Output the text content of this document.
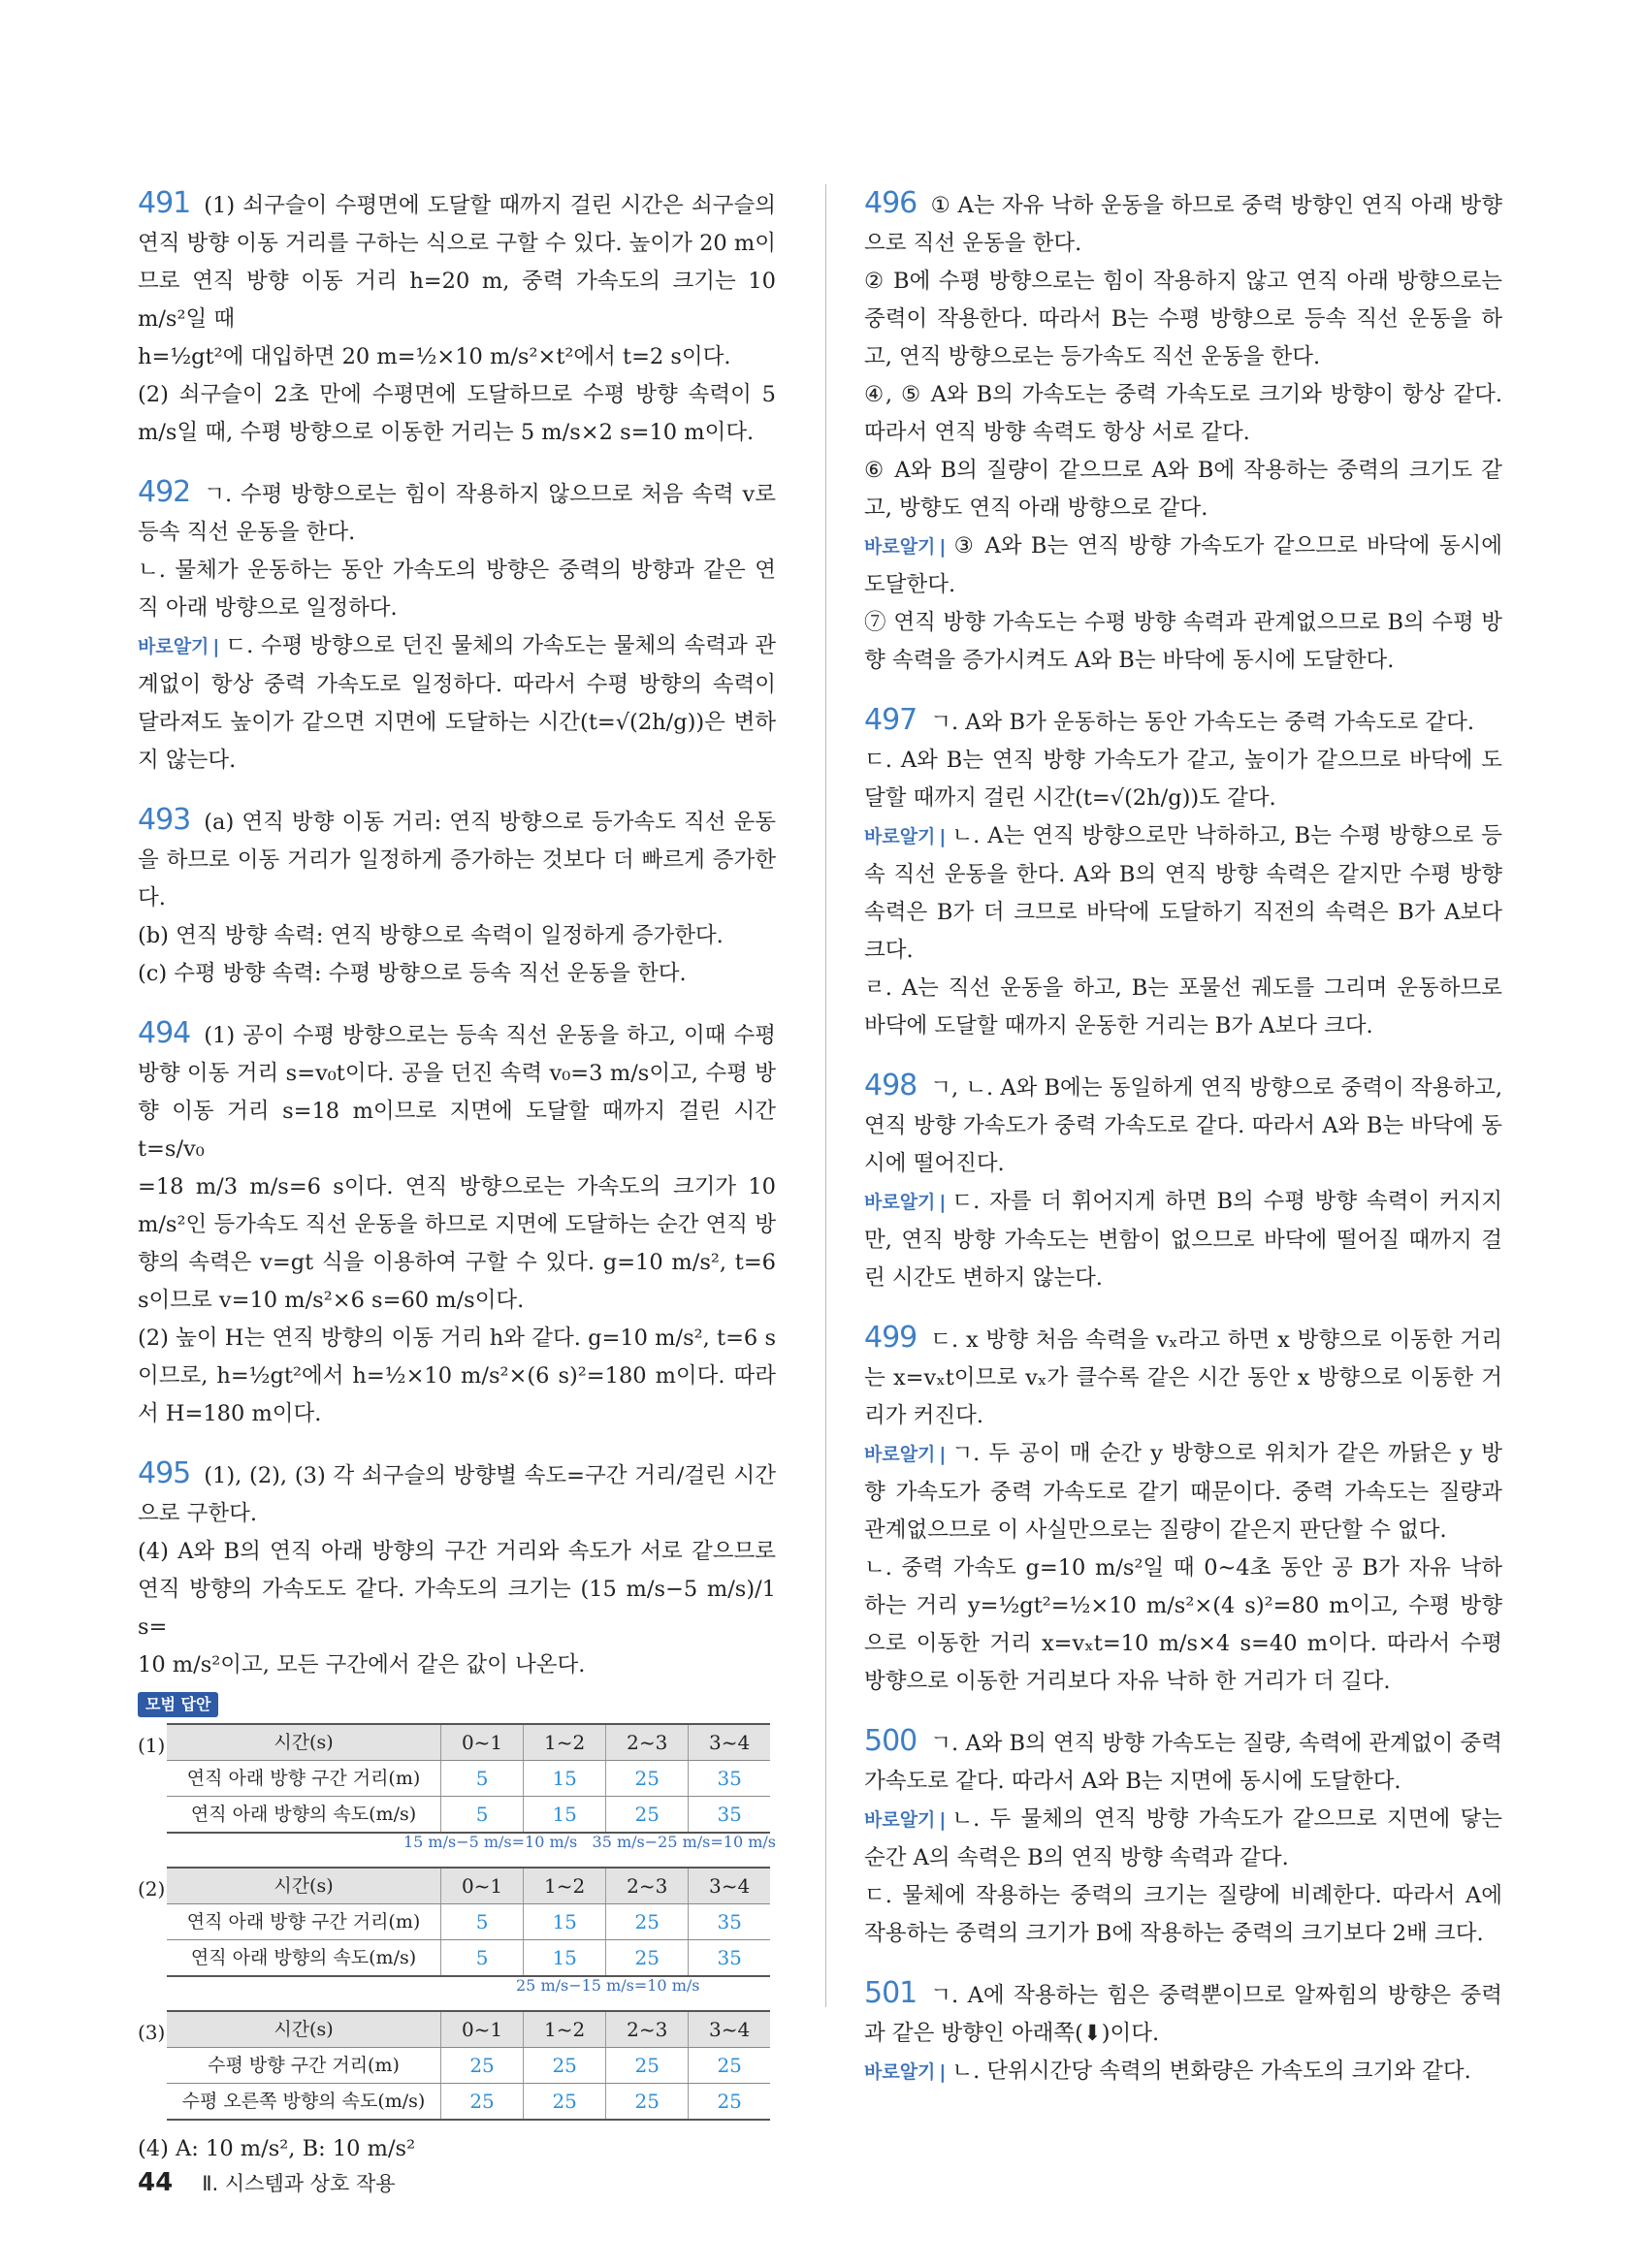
491 (1) 쇠구슬이 수평면에 도달할 때까지 걸린 시간은 쇠구슬의 연직 방향 이동 거리를 구하는 식으로 구할 수 있다. 높이가 20 m이므로 연직 방향 이동 거리 h=20 m, 중력 가속도의 크기는 10 m/s²일 때

h=½gt²에 대입하면 20 m=½×10 m/s²×t²에서 t=2 s이다.

(2) 쇠구슬이 2초 만에 수평면에 도달하므로 수평 방향 속력이 5 m/s일 때, 수평 방향으로 이동한 거리는 5 m/s×2 s=10 m이다.

492 ㄱ. 수평 방향으로는 힘이 작용하지 않으므로 처음 속력 v로 등속 직선 운동을 한다.

ㄴ. 물체가 운동하는 동안 가속도의 방향은 중력의 방향과 같은 연직 아래 방향으로 일정하다.

바로알기 | ㄷ. 수평 방향으로 던진 물체의 가속도는 물체의 속력과 관계없이 항상 중력 가속도로 일정하다. 따라서 수평 방향의 속력이 달라져도 높이가 같으면 지면에 도달하는 시간(t=√(2h/g))은 변하지 않는다.

493 (a) 연직 방향 이동 거리: 연직 방향으로 등가속도 직선 운동을 하므로 이동 거리가 일정하게 증가하는 것보다 더 빠르게 증가한다.

(b) 연직 방향 속력: 연직 방향으로 속력이 일정하게 증가한다.

(c) 수평 방향 속력: 수평 방향으로 등속 직선 운동을 한다.

494 (1) 공이 수평 방향으로는 등속 직선 운동을 하고, 이때 수평 방향 이동 거리 s=v₀t이다. 공을 던진 속력 v₀=3 m/s이고, 수평 방향 이동 거리 s=18 m이므로 지면에 도달할 때까지 걸린 시간 t=s/v₀

=18 m/3 m/s=6 s이다. 연직 방향으로는 가속도의 크기가 10 m/s²인 등가속도 직선 운동을 하므로 지면에 도달하는 순간 연직 방향의 속력은 v=gt 식을 이용하여 구할 수 있다. g=10 m/s², t=6 s이므로 v=10 m/s²×6 s=60 m/s이다.

(2) 높이 H는 연직 방향의 이동 거리 h와 같다. g=10 m/s², t=6 s이므로, h=½gt²에서 h=½×10 m/s²×(6 s)²=180 m이다. 따라서 H=180 m이다.

495 (1), (2), (3) 각 쇠구슬의 방향별 속도=구간 거리/걸린 시간으로 구한다.

(4) A와 B의 연직 아래 방향의 구간 거리와 속도가 서로 같으므로 연직 방향의 가속도도 같다. 가속도의 크기는 (15 m/s−5 m/s)/1 s=

10 m/s²이고, 모든 구간에서 같은 값이 나온다.

모범 답안
(1)	시간(s)	0~1	1~2	2~3	3~4
연직 아래 방향 구간 거리(m)	5	15	25	35
연직 아래 방향의 속도(m/s)	5	15	25	35
15 m/s−5 m/s=10 m/s 35 m/s−25 m/s=10 m/s
(2)	시간(s)	0~1	1~2	2~3	3~4
연직 아래 방향 구간 거리(m)	5	15	25	35
연직 아래 방향의 속도(m/s)	5	15	25	35
25 m/s−15 m/s=10 m/s
(3)	시간(s)	0~1	1~2	2~3	3~4
수평 방향 구간 거리(m)	25	25	25	25
수평 오른쪽 방향의 속도(m/s)	25	25	25	25

(4) A: 10 m/s², B: 10 m/s²

496 ① A는 자유 낙하 운동을 하므로 중력 방향인 연직 아래 방향으로 직선 운동을 한다.

② B에 수평 방향으로는 힘이 작용하지 않고 연직 아래 방향으로는 중력이 작용한다. 따라서 B는 수평 방향으로 등속 직선 운동을 하고, 연직 방향으로는 등가속도 직선 운동을 한다.

④, ⑤ A와 B의 가속도는 중력 가속도로 크기와 방향이 항상 같다. 따라서 연직 방향 속력도 항상 서로 같다.

⑥ A와 B의 질량이 같으므로 A와 B에 작용하는 중력의 크기도 같고, 방향도 연직 아래 방향으로 같다.

바로알기 | ③ A와 B는 연직 방향 가속도가 같으므로 바닥에 동시에 도달한다.

⑦ 연직 방향 가속도는 수평 방향 속력과 관계없으므로 B의 수평 방향 속력을 증가시켜도 A와 B는 바닥에 동시에 도달한다.

497 ㄱ. A와 B가 운동하는 동안 가속도는 중력 가속도로 같다.

ㄷ. A와 B는 연직 방향 가속도가 같고, 높이가 같으므로 바닥에 도달할 때까지 걸린 시간(t=√(2h/g))도 같다.

바로알기 | ㄴ. A는 연직 방향으로만 낙하하고, B는 수평 방향으로 등속 직선 운동을 한다. A와 B의 연직 방향 속력은 같지만 수평 방향 속력은 B가 더 크므로 바닥에 도달하기 직전의 속력은 B가 A보다 크다.

ㄹ. A는 직선 운동을 하고, B는 포물선 궤도를 그리며 운동하므로 바닥에 도달할 때까지 운동한 거리는 B가 A보다 크다.

498 ㄱ, ㄴ. A와 B에는 동일하게 연직 방향으로 중력이 작용하고, 연직 방향 가속도가 중력 가속도로 같다. 따라서 A와 B는 바닥에 동시에 떨어진다.

바로알기 | ㄷ. 자를 더 휘어지게 하면 B의 수평 방향 속력이 커지지만, 연직 방향 가속도는 변함이 없으므로 바닥에 떨어질 때까지 걸린 시간도 변하지 않는다.

499 ㄷ. x 방향 처음 속력을 vₓ라고 하면 x 방향으로 이동한 거리는 x=vₓt이므로 vₓ가 클수록 같은 시간 동안 x 방향으로 이동한 거리가 커진다.

바로알기 | ㄱ. 두 공이 매 순간 y 방향으로 위치가 같은 까닭은 y 방향 가속도가 중력 가속도로 같기 때문이다. 중력 가속도는 질량과 관계없으므로 이 사실만으로는 질량이 같은지 판단할 수 없다.

ㄴ. 중력 가속도 g=10 m/s²일 때 0~4초 동안 공 B가 자유 낙하 하는 거리 y=½gt²=½×10 m/s²×(4 s)²=80 m이고, 수평 방향으로 이동한 거리 x=vₓt=10 m/s×4 s=40 m이다. 따라서 수평 방향으로 이동한 거리보다 자유 낙하 한 거리가 더 길다.

500 ㄱ. A와 B의 연직 방향 가속도는 질량, 속력에 관계없이 중력 가속도로 같다. 따라서 A와 B는 지면에 동시에 도달한다.

바로알기 | ㄴ. 두 물체의 연직 방향 가속도가 같으므로 지면에 닿는 순간 A의 속력은 B의 연직 방향 속력과 같다.

ㄷ. 물체에 작용하는 중력의 크기는 질량에 비례한다. 따라서 A에 작용하는 중력의 크기가 B에 작용하는 중력의 크기보다 2배 크다.

501 ㄱ. A에 작용하는 힘은 중력뿐이므로 알짜힘의 방향은 중력과 같은 방향인 아래쪽(⬇)이다.

바로알기 | ㄴ. 단위시간당 속력의 변화량은 가속도의 크기와 같다.

44 Ⅱ. 시스템과 상호 작용
